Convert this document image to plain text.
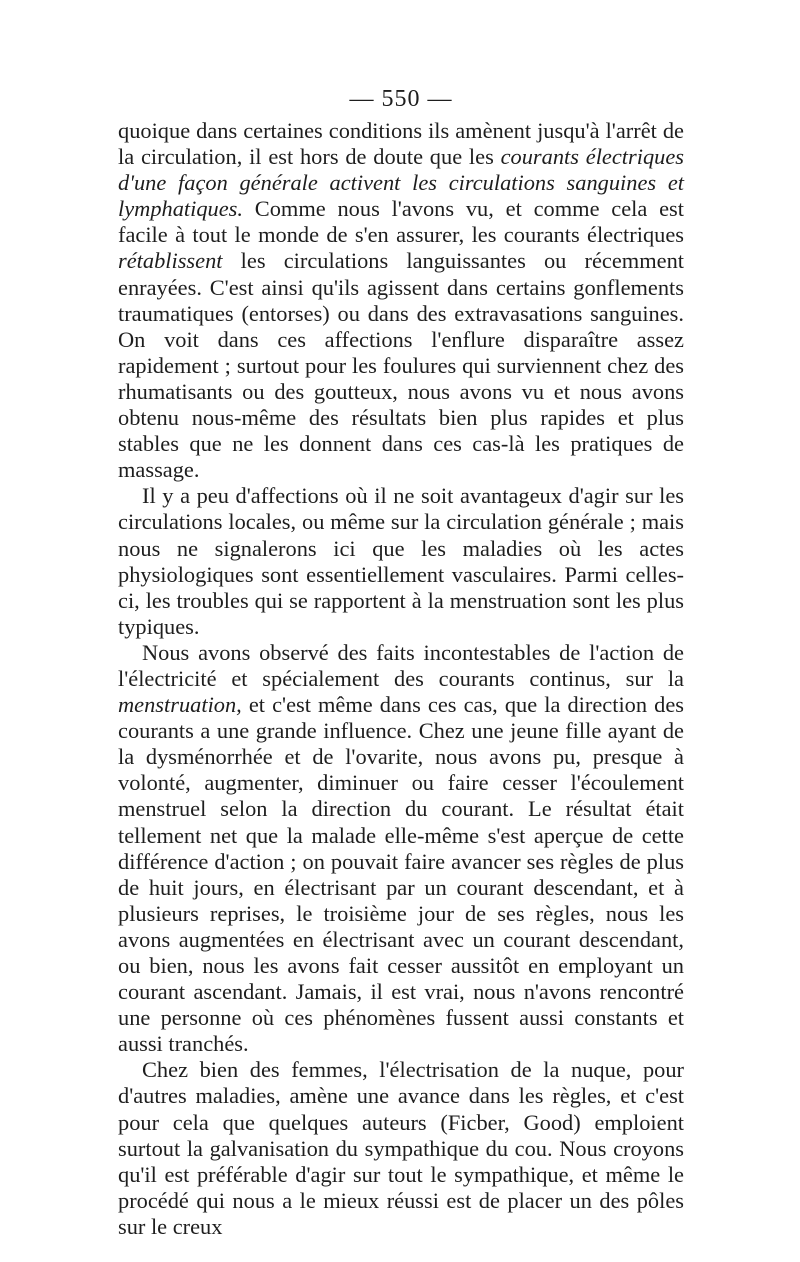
— 550 —

quoique dans certaines conditions ils amènent jusqu'à l'arrêt de la circulation, il est hors de doute que les courants électriques d'une façon générale activent les circulations sanguines et lymphatiques. Comme nous l'avons vu, et comme cela est facile à tout le monde de s'en assurer, les courants électriques rétablissent les circulations languissantes ou récemment enrayées. C'est ainsi qu'ils agissent dans certains gonflements traumatiques (entorses) ou dans des extravasations sanguines. On voit dans ces affections l'enflure disparaître assez rapidement ; surtout pour les foulures qui surviennent chez des rhumatisants ou des goutteux, nous avons vu et nous avons obtenu nous-même des résultats bien plus rapides et plus stables que ne les donnent dans ces cas-là les pratiques de massage.

Il y a peu d'affections où il ne soit avantageux d'agir sur les circulations locales, ou même sur la circulation générale ; mais nous ne signalerons ici que les maladies où les actes physiologiques sont essentiellement vasculaires. Parmi celles-ci, les troubles qui se rapportent à la menstruation sont les plus typiques.

Nous avons observé des faits incontestables de l'action de l'électricité et spécialement des courants continus, sur la menstruation, et c'est même dans ces cas, que la direction des courants a une grande influence. Chez une jeune fille ayant de la dysménorrhée et de l'ovarite, nous avons pu, presque à volonté, augmenter, diminuer ou faire cesser l'écoulement menstruel selon la direction du courant. Le résultat était tellement net que la malade elle-même s'est aperçue de cette différence d'action ; on pouvait faire avancer ses règles de plus de huit jours, en électrisant par un courant descendant, et à plusieurs reprises, le troisième jour de ses règles, nous les avons augmentées en électrisant avec un courant descendant, ou bien, nous les avons fait cesser aussitôt en employant un courant ascendant. Jamais, il est vrai, nous n'avons rencontré une personne où ces phénomènes fussent aussi constants et aussi tranchés.

Chez bien des femmes, l'électrisation de la nuque, pour d'autres maladies, amène une avance dans les règles, et c'est pour cela que quelques auteurs (Ficber, Good) emploient surtout la galvanisation du sympathique du cou. Nous croyons qu'il est préférable d'agir sur tout le sympathique, et même le procédé qui nous a le mieux réussi est de placer un des pôles sur le creux
